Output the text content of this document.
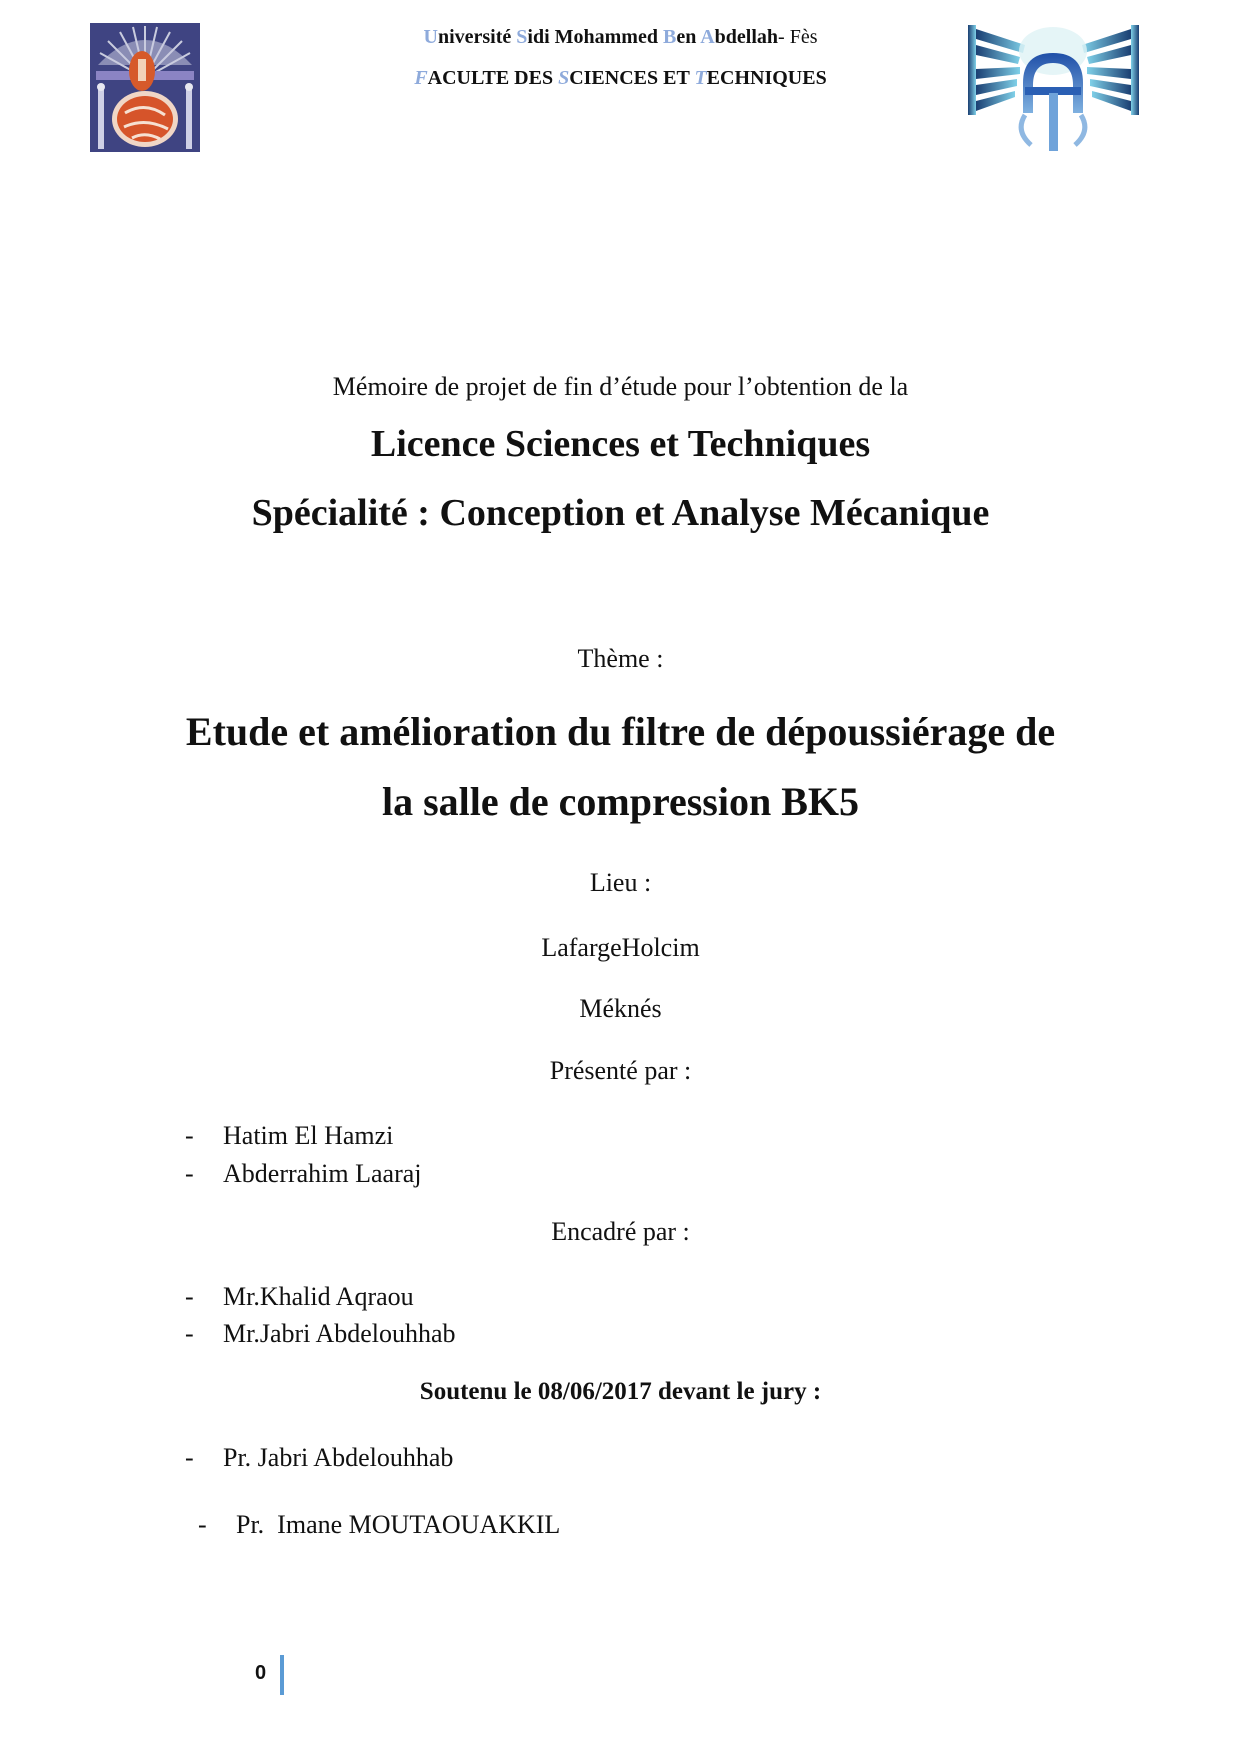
Université Sidi Mohammed Ben Abdellah- Fès
FACULTE DES SCIENCES ET TECHNIQUES
Mémoire de projet de fin d’étude pour l’obtention de la
Licence Sciences et Techniques
Spécialité : Conception et Analyse Mécanique
Thème :
Etude et amélioration du filtre de dépoussiérage de
la salle de compression BK5
Lieu :
LafargeHolcim
Méknés
Présenté par :
- Hatim El Hamzi
- Abderrahim Laaraj
Encadré par :
- Mr.Khalid Aqraou
- Mr.Jabri Abdelouhhab
Soutenu le 08/06/2017 devant le jury :
- Pr. Jabri Abdelouhhab

- Pr.  Imane MOUTAOUAKKIL

0
